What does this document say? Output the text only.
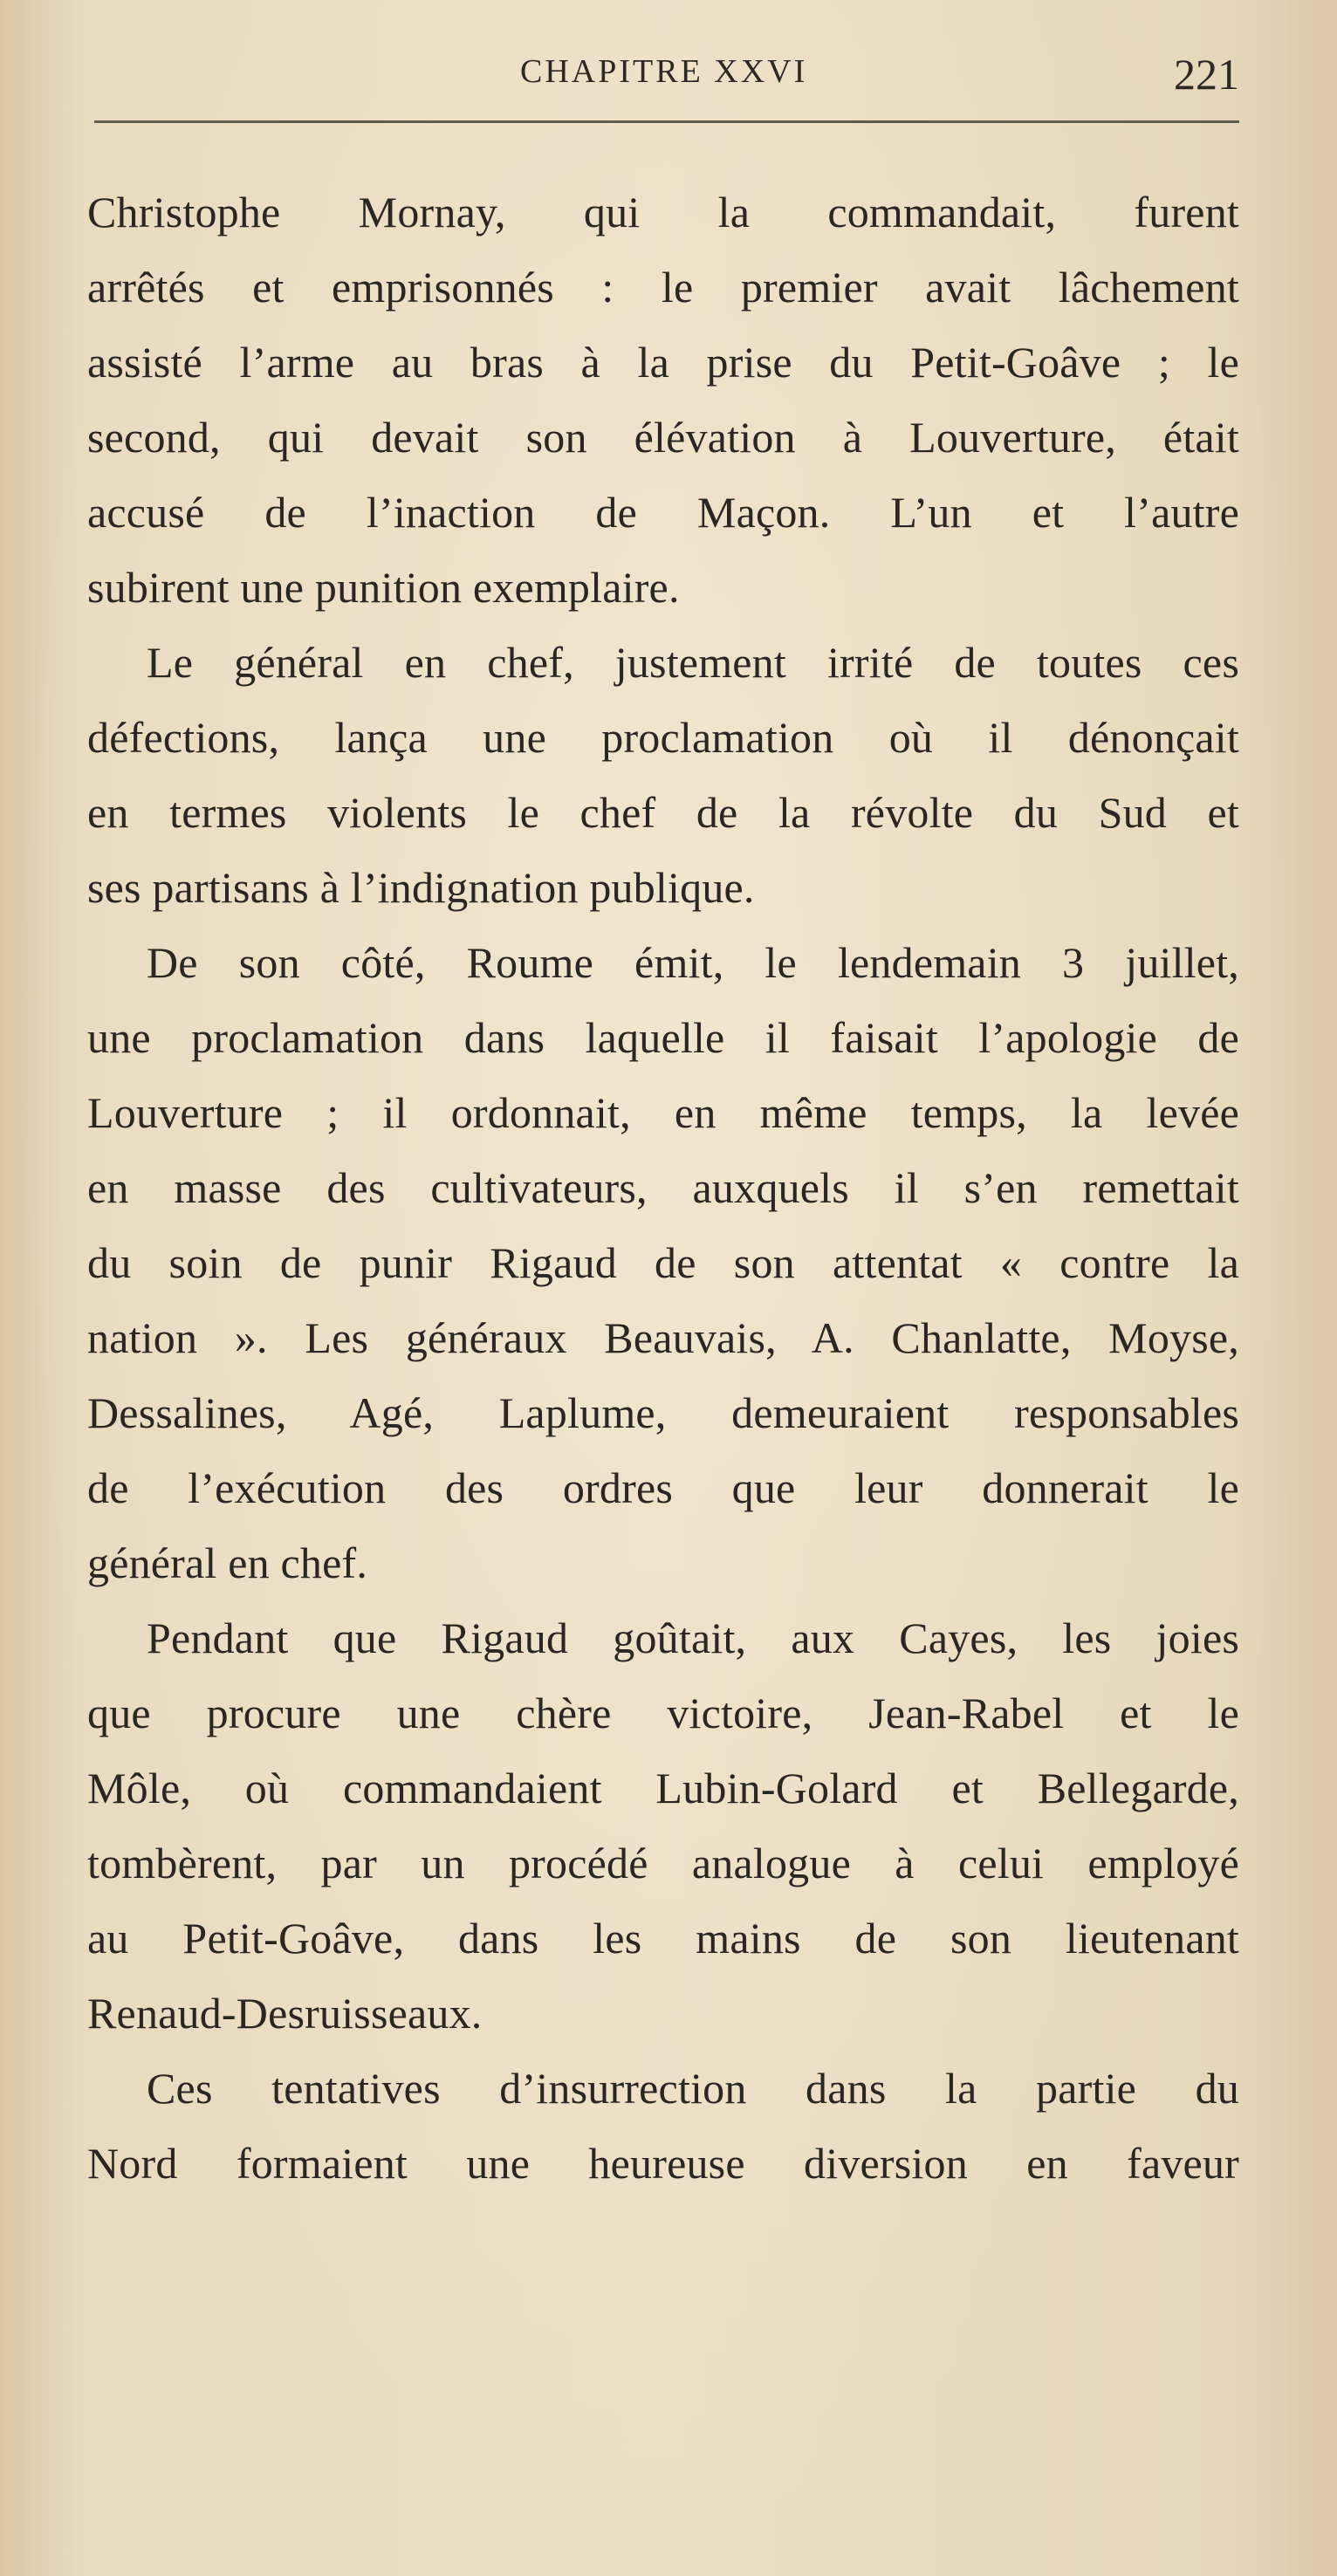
CHAPITRE XXVI	221
Christophe Mornay, qui la commandait, furent
arrêtés et emprisonnés : le premier avait lâchement
assisté l’arme au bras à la prise du Petit-Goâve ; le
second, qui devait son élévation à Louverture, était
accusé de l’inaction de Maçon. L’un et l’autre
subirent une punition exemplaire.
Le général en chef, justement irrité de toutes ces
défections, lança une proclamation où il dénonçait
en termes violents le chef de la révolte du Sud et
ses partisans à l’indignation publique.
De son côté, Roume émit, le lendemain 3 juillet,
une proclamation dans laquelle il faisait l’apologie de
Louverture ; il ordonnait, en même temps, la levée
en masse des cultivateurs, auxquels il s’en remettait
du soin de punir Rigaud de son attentat « contre la
nation ». Les généraux Beauvais, A. Chanlatte, Moyse,
Dessalines, Agé, Laplume, demeuraient responsables
de l’exécution des ordres que leur donnerait le
général en chef.
Pendant que Rigaud goûtait, aux Cayes, les joies
que procure une chère victoire, Jean-Rabel et le
Môle, où commandaient Lubin-Golard et Bellegarde,
tombèrent, par un procédé analogue à celui employé
au Petit-Goâve, dans les mains de son lieutenant
Renaud-Desruisseaux.
Ces tentatives d’insurrection dans la partie du
Nord formaient une heureuse diversion en faveur
